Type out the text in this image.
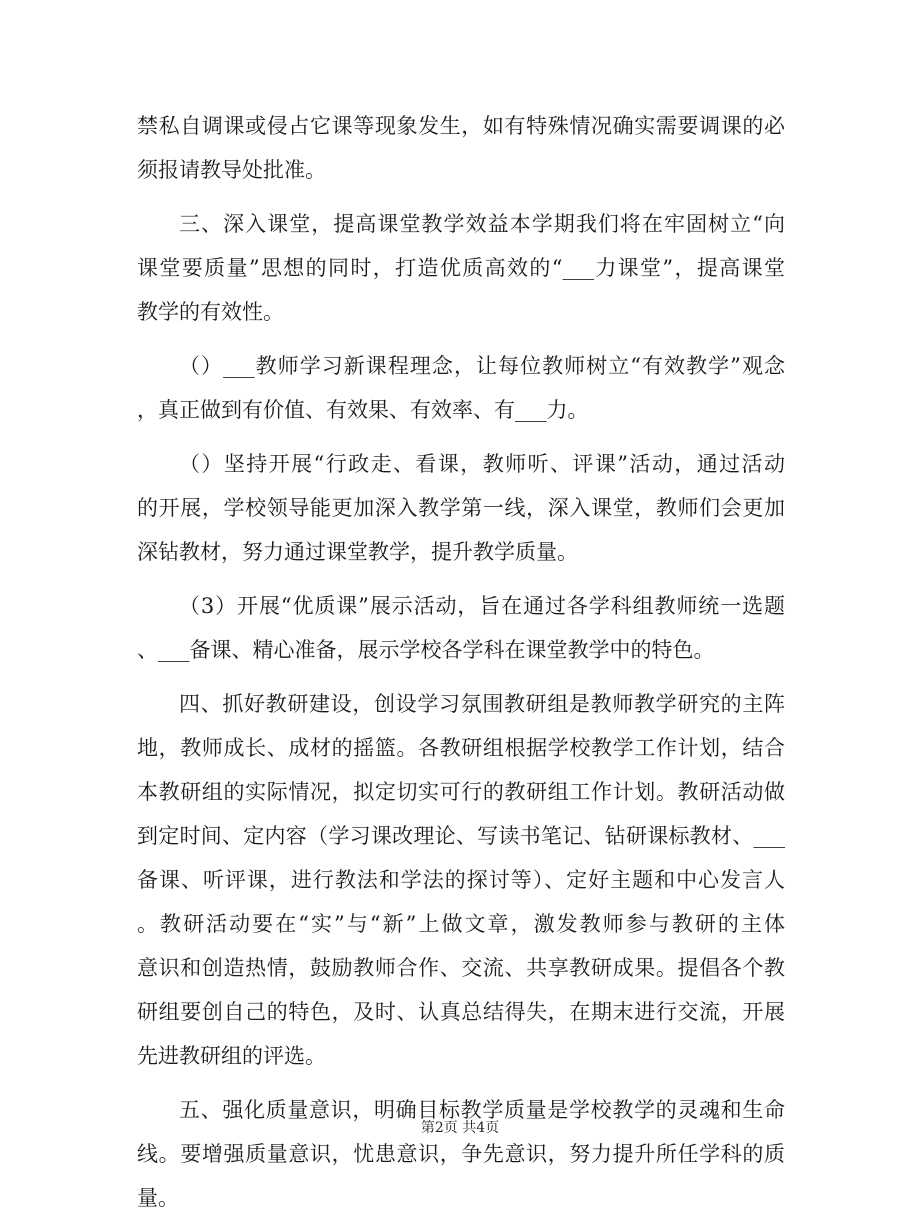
禁私自调课或侵占它课等现象发生，如有特殊情况确实需要调课的必
须报请教导处批准。
三、深入课堂，提高课堂教学效益本学期我们将在牢固树立“向
课堂要质量”思想的同时，打造优质高效的“___力课堂”，提高课堂
教学的有效性。
（）___教师学习新课程理念，让每位教师树立“有效教学”观念
，真正做到有价值、有效果、有效率、有___力。
（）坚持开展“行政走、看课，教师听、评课”活动，通过活动
的开展，学校领导能更加深入教学第一线，深入课堂，教师们会更加
深钻教材，努力通过课堂教学，提升教学质量。
（3）开展“优质课”展示活动，旨在通过各学科组教师统一选题
、___备课、精心准备，展示学校各学科在课堂教学中的特色。
四、抓好教研建设，创设学习氛围教研组是教师教学研究的主阵
地，教师成长、成材的摇篮。各教研组根据学校教学工作计划，结合
本教研组的实际情况，拟定切实可行的教研组工作计划。教研活动做
到定时间、定内容（学习课改理论、写读书笔记、钻研课标教材、___
备课、听评课，进行教法和学法的探讨等）、定好主题和中心发言人
。教研活动要在“实”与“新”上做文章，激发教师参与教研的主体
意识和创造热情，鼓励教师合作、交流、共享教研成果。提倡各个教
研组要创自己的特色，及时、认真总结得失，在期末进行交流，开展
先进教研组的评选。
五、强化质量意识，明确目标教学质量是学校教学的灵魂和生命
线。要增强质量意识，忧患意识，争先意识，努力提升所任学科的质
量。
第2页 共4页
